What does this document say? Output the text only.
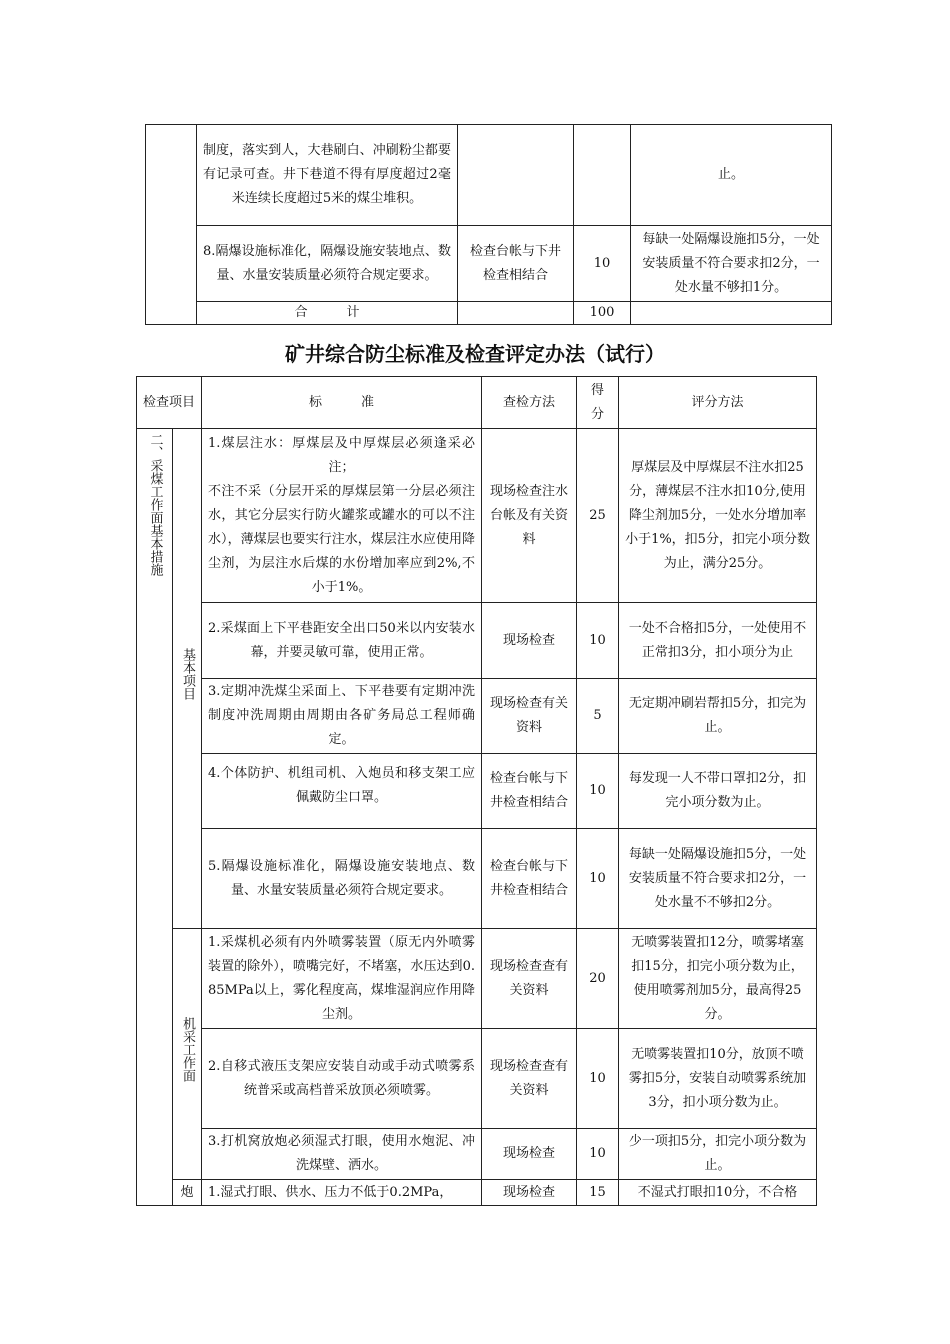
	制度，落实到人，大巷刷白、冲刷粉尘都要有记录可查。井下巷道不得有厚度超过2毫米连续长度超过5米的煤尘堆积。			止。
	8.隔爆设施标准化，隔爆设施安装地点、数量、水量安装质量必须符合规定要求。	检查台帐与下井检查相结合	10	每缺一处隔爆设施扣5分，一处安装质量不符合要求扣2分，一处水量不够扣1分。
	合　　　计		100	
矿井综合防尘标准及检查评定办法（试行）
检查项目		标　　　准	查检方法	得分	评分方法
二、采煤工作面基本措施	基本项目	1.煤层注水：厚煤层及中厚煤层必须逢采必注；
不注不采（分层开采的厚煤层第一分层必须注水，其它分层实行防火罐浆或罐水的可以不注水），薄煤层也要实行注水，煤层注水应使用降尘剂，为层注水后煤的水份增加率应到2%,不小于1%。	现场检查注水台帐及有关资料	25	厚煤层及中厚煤层不注水扣25分，薄煤层不注水扣10分,使用降尘剂加5分，一处水分增加率小于1%，扣5分，扣完小项分数为止，满分25分。
		2.采煤面上下平巷距安全出口50米以内安装水幕，并要灵敏可靠，使用正常。	现场检查	10	一处不合格扣5分，一处使用不正常扣3分，扣小项分为止
		3.定期冲洗煤尘采面上、下平巷要有定期冲洗制度冲洗周期由周期由各矿务局总工程师确定。	现场检查有关资料	5	无定期冲刷岩帮扣5分，扣完为止。
		4.个体防护、机组司机、入炮员和移支架工应佩戴防尘口罩。	检查台帐与下井检查相结合	10	每发现一人不带口罩扣2分，扣完小项分数为止。
		5.隔爆设施标准化，隔爆设施安装地点、数量、水量安装质量必须符合规定要求。	检查台帐与下井检查相结合	10	每缺一处隔爆设施扣5分，一处安装质量不符合要求扣2分，一处水量不不够扣2分。
	机采工作面	1.采煤机必须有内外喷雾装置（原无内外喷雾装置的除外），喷嘴完好，不堵塞，水压达到0.85MPa以上，雾化程度高，煤堆湿润应作用降尘剂。	现场检查查有关资料	20	无喷雾装置扣12分，喷雾堵塞扣15分，扣完小项分数为止，使用喷雾剂加5分，最高得25分。
		2.自移式液压支架应安装自动或手动式喷雾系统普采或高档普采放顶必须喷雾。	现场检查查有关资料	10	无喷雾装置扣10分，放顶不喷雾扣5分，安装自动喷雾系统加3分，扣小项分数为止。
		3.打机窝放炮必须湿式打眼，使用水炮泥、冲洗煤壁、洒水。	现场检查	10	少一项扣5分，扣完小项分数为止。
	炮	1.湿式打眼、供水、压力不低于0.2MPa，	现场检查	15	不湿式打眼扣10分，不合格
